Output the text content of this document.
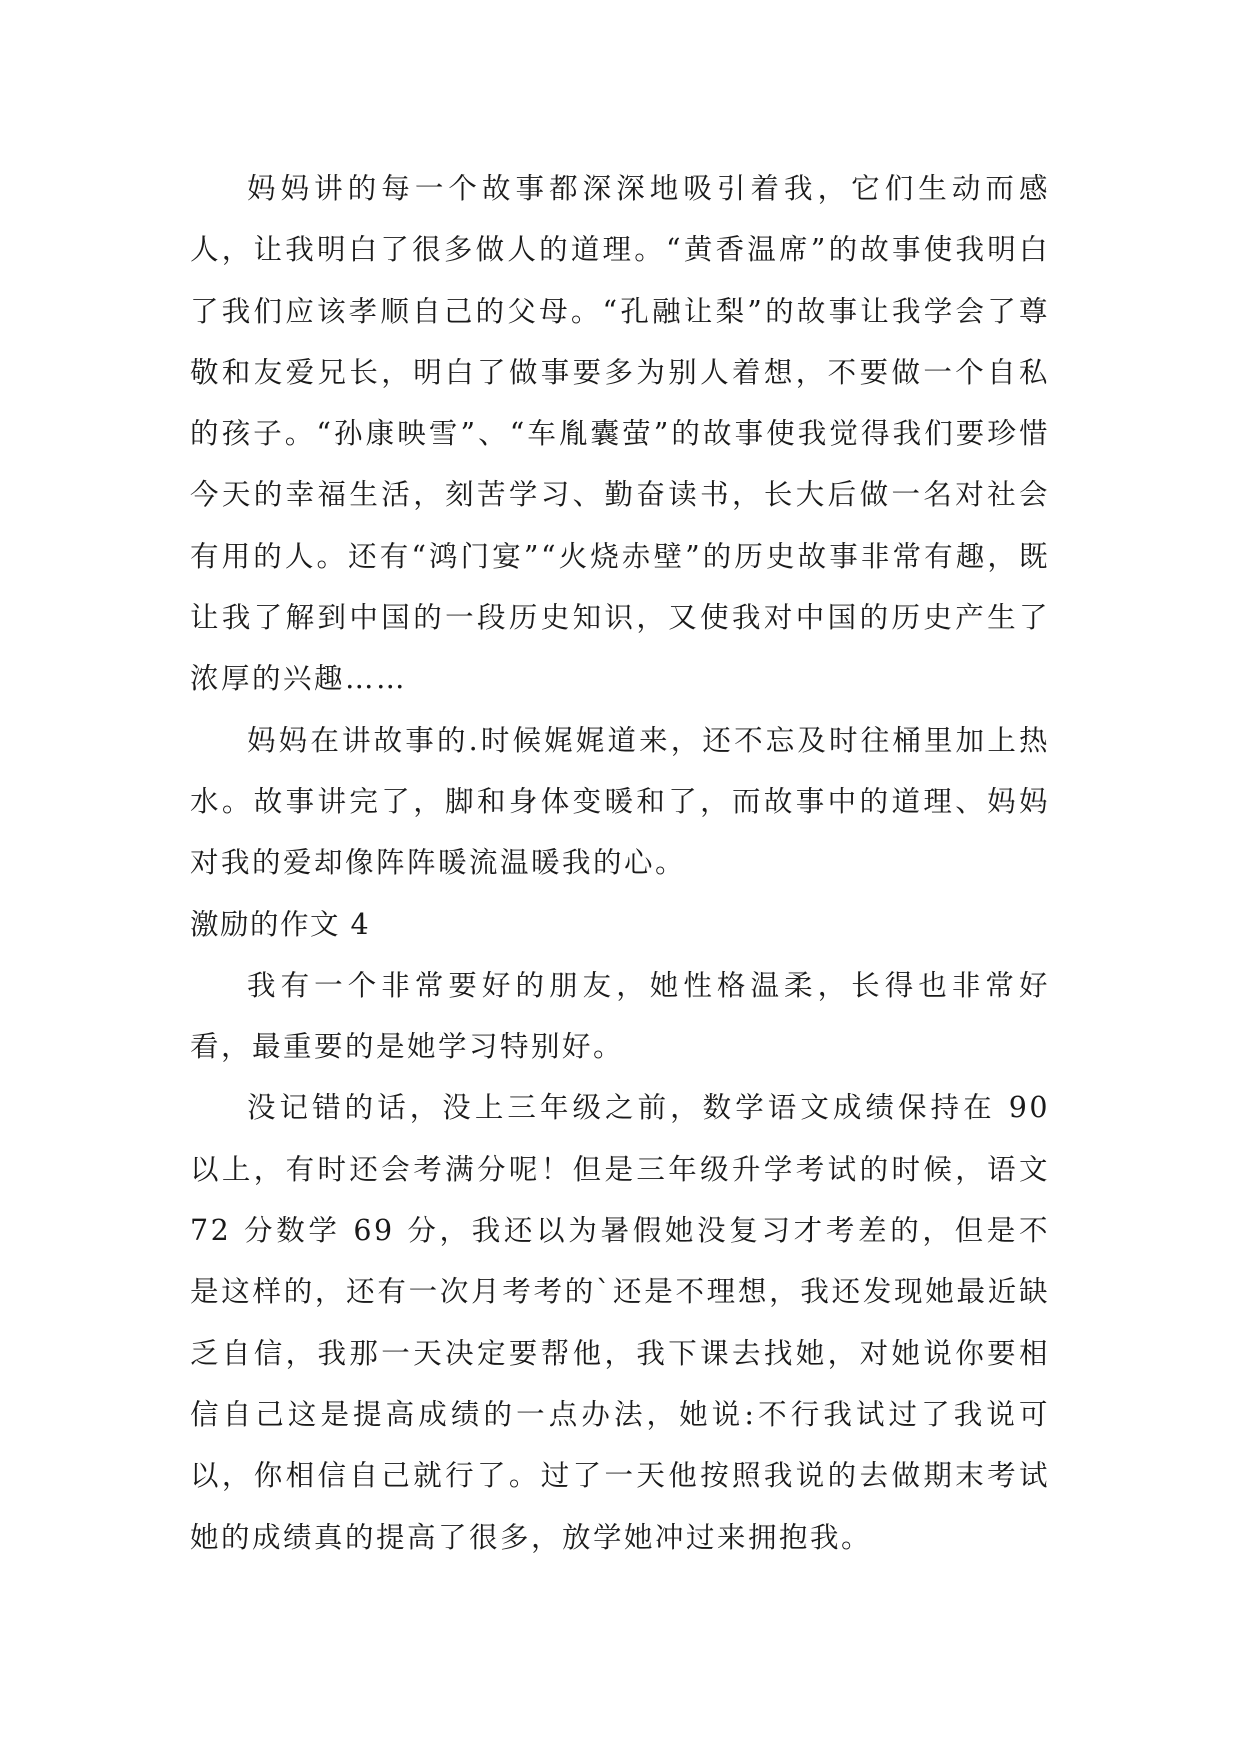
妈妈讲的每一个故事都深深地吸引着我，它们生动而感人，让我明白了很多做人的道理。“黄香温席”的故事使我明白了我们应该孝顺自己的父母。“孔融让梨”的故事让我学会了尊敬和友爱兄长，明白了做事要多为别人着想，不要做一个自私的孩子。“孙康映雪”、“车胤囊萤”的故事使我觉得我们要珍惜今天的幸福生活，刻苦学习、勤奋读书，长大后做一名对社会有用的人。还有“鸿门宴”“火烧赤壁”的历史故事非常有趣，既让我了解到中国的一段历史知识，又使我对中国的历史产生了浓厚的兴趣……

妈妈在讲故事的.时候娓娓道来，还不忘及时往桶里加上热水。故事讲完了，脚和身体变暖和了，而故事中的道理、妈妈对我的爱却像阵阵暖流温暖我的心。

激励的作文 4

我有一个非常要好的朋友，她性格温柔，长得也非常好看，最重要的是她学习特别好。

没记错的话，没上三年级之前，数学语文成绩保持在 90 以上，有时还会考满分呢！但是三年级升学考试的时候，语文 72 分数学 69 分，我还以为暑假她没复习才考差的，但是不是这样的，还有一次月考考的`还是不理想，我还发现她最近缺乏自信，我那一天决定要帮他，我下课去找她，对她说你要相信自己这是提高成绩的一点办法，她说:不行我试过了我说可以，你相信自己就行了。过了一天他按照我说的去做期末考试她的成绩真的提高了很多，放学她冲过来拥抱我。
